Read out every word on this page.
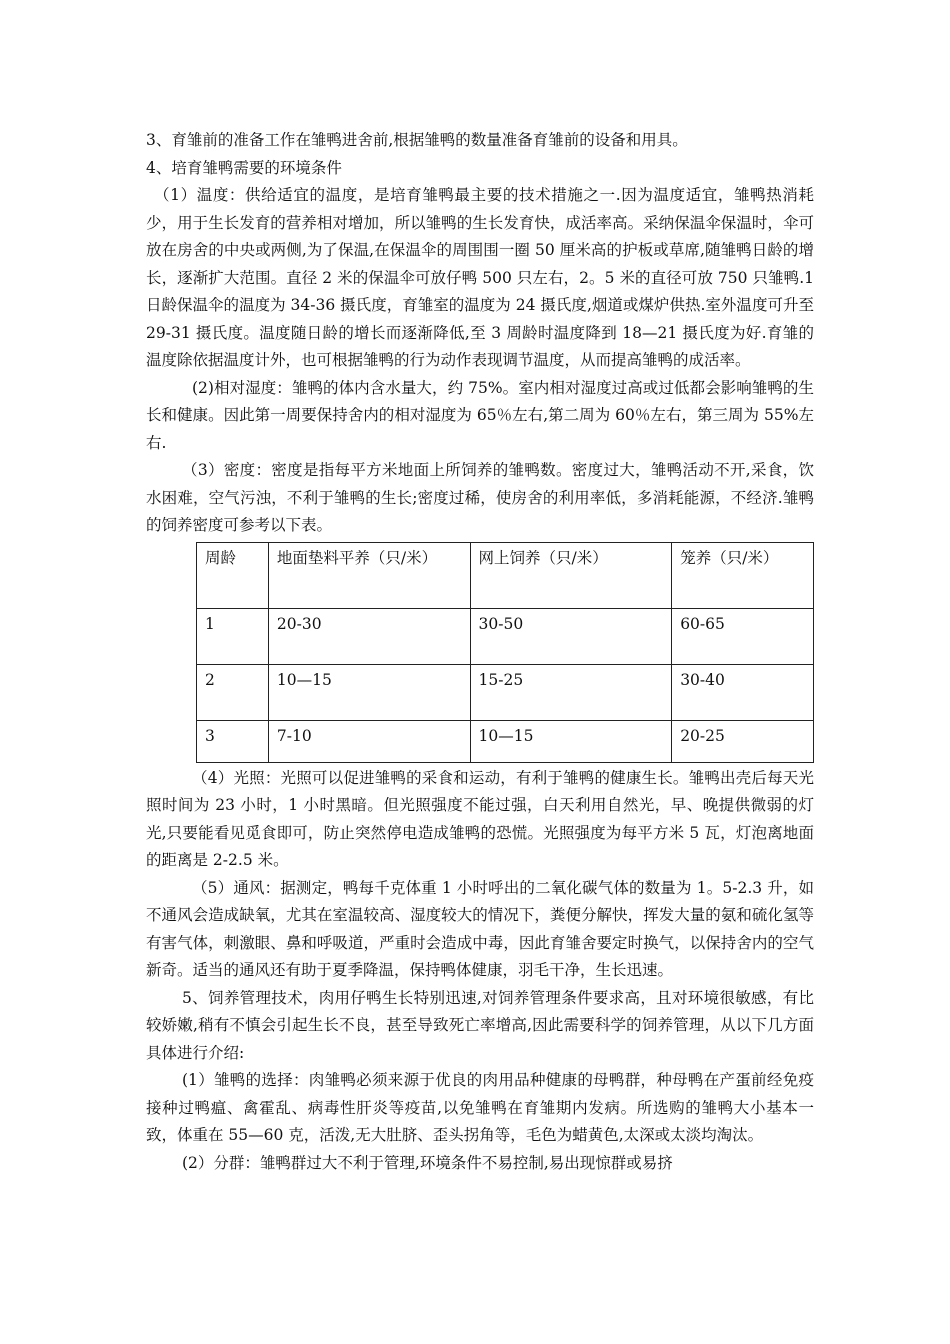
3、育雏前的准备工作在雏鸭进舍前,根据雏鸭的数量准备育雏前的设备和用具。

4、培育雏鸭需要的环境条件

（1）温度：供给适宜的温度，是培育雏鸭最主要的技术措施之一.因为温度适宜，雏鸭热消耗少，用于生长发育的营养相对增加，所以雏鸭的生长发育快，成活率高。采纳保温伞保温时，伞可放在房舍的中央或两侧,为了保温,在保温伞的周围围一圈 50 厘米高的护板或草席,随雏鸭日龄的增长，逐渐扩大范围。直径 2 米的保温伞可放仔鸭 500 只左右，2。5 米的直径可放 750 只雏鸭.1 日龄保温伞的温度为 34-36 摄氏度，育雏室的温度为 24 摄氏度,烟道或煤炉供热.室外温度可升至 29-31 摄氏度。温度随日龄的增长而逐渐降低,至 3 周龄时温度降到 18—21 摄氏度为好.育雏的温度除依据温度计外，也可根据雏鸭的行为动作表现调节温度，从而提高雏鸭的成活率。

(2)相对湿度：雏鸭的体内含水量大，约 75%。室内相对湿度过高或过低都会影响雏鸭的生长和健康。因此第一周要保持舍内的相对湿度为 65％左右,第二周为 60％左右，第三周为 55%左右.

（3）密度：密度是指每平方米地面上所饲养的雏鸭数。密度过大，雏鸭活动不开,采食，饮水困难，空气污浊，不利于雏鸭的生长;密度过稀，使房舍的利用率低，多消耗能源，不经济.雏鸭的饲养密度可参考以下表。

周龄	地面垫料平养（只/米）	网上饲养（只/米）	笼养（只/米）
1	20-30	30-50	60-65
2	10—15	15-25	30-40
3	7-10	10—15	20-25

（4）光照：光照可以促进雏鸭的采食和运动，有利于雏鸭的健康生长。雏鸭出壳后每天光照时间为 23 小时，1 小时黑暗。但光照强度不能过强，白天利用自然光，早、晚提供微弱的灯光,只要能看见觅食即可，防止突然停电造成雏鸭的恐慌。光照强度为每平方米 5 瓦，灯泡离地面的距离是 2-2.5 米。

（5）通风：据测定，鸭每千克体重 1 小时呼出的二氧化碳气体的数量为 1。5-2.3 升，如不通风会造成缺氧，尤其在室温较高、湿度较大的情况下，粪便分解快，挥发大量的氨和硫化氢等有害气体，刺激眼、鼻和呼吸道，严重时会造成中毒，因此育雏舍要定时换气，以保持舍内的空气新奇。适当的通风还有助于夏季降温，保持鸭体健康，羽毛干净，生长迅速。

5、饲养管理技术，肉用仔鸭生长特别迅速,对饲养管理条件要求高，且对环境很敏感，有比较娇嫩,稍有不慎会引起生长不良，甚至导致死亡率增高,因此需要科学的饲养管理，从以下几方面具体进行介绍:

(1）雏鸭的选择：肉雏鸭必须来源于优良的肉用品种健康的母鸭群，种母鸭在产蛋前经免疫接种过鸭瘟、禽霍乱、病毒性肝炎等疫苗,以免雏鸭在育雏期内发病。所选购的雏鸭大小基本一致，体重在 55—60 克，活泼,无大肚脐、歪头拐角等，毛色为蜡黄色,太深或太淡均淘汰。

(2）分群：雏鸭群过大不利于管理,环境条件不易控制,易出现惊群或易挤
